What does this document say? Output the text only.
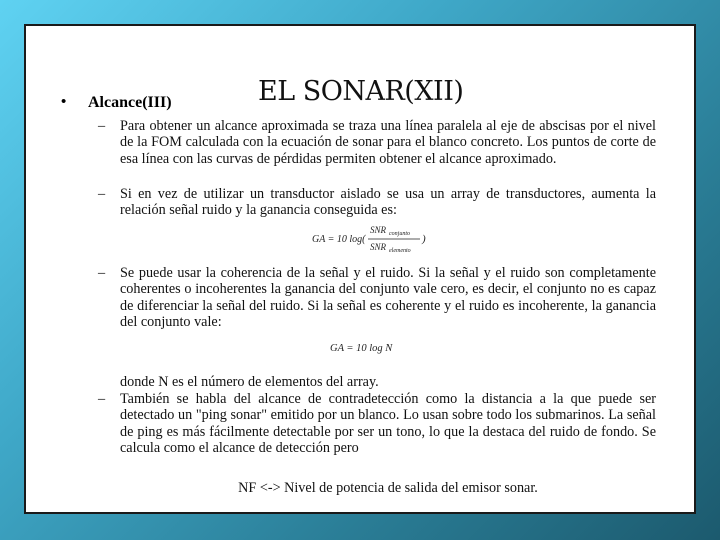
EL SONAR(XII)
• Alcance(III)
– Para obtener un alcance aproximada se traza una línea paralela al eje de abscisas por el nivel de la FOM calculada con la ecuación de sonar para el blanco concreto. Los puntos de corte de esa línea con las curvas de pérdidas permiten obtener el alcance aproximado.

– Si en vez de utilizar un transductor aislado se usa un array de transductores, aumenta la relación señal ruido y la ganancia conseguida es:

GA = 10 log(
SNR conjunto
SNR elemento
)
– Se puede usar la coherencia de la señal y el ruido. Si la señal y el ruido son completamente coherentes o incoherentes la ganancia del conjunto vale cero, es decir, el conjunto no es capaz de diferenciar la señal del ruido. Si la señal es coherente y el ruido es incoherente, la ganancia del conjunto vale:

GA = 10 log N

donde N es el número de elementos del array.

– También se habla del alcance de contradetección como la distancia a la que puede ser detectado un "ping sonar" emitido por un blanco. Lo usan sobre todo los submarinos. La señal de ping es más fácilmente detectable por ser un tono, lo que la destaca del ruido de fondo. Se calcula como el alcance de detección pero

NF <-> Nivel de potencia de salida del emisor sonar.
